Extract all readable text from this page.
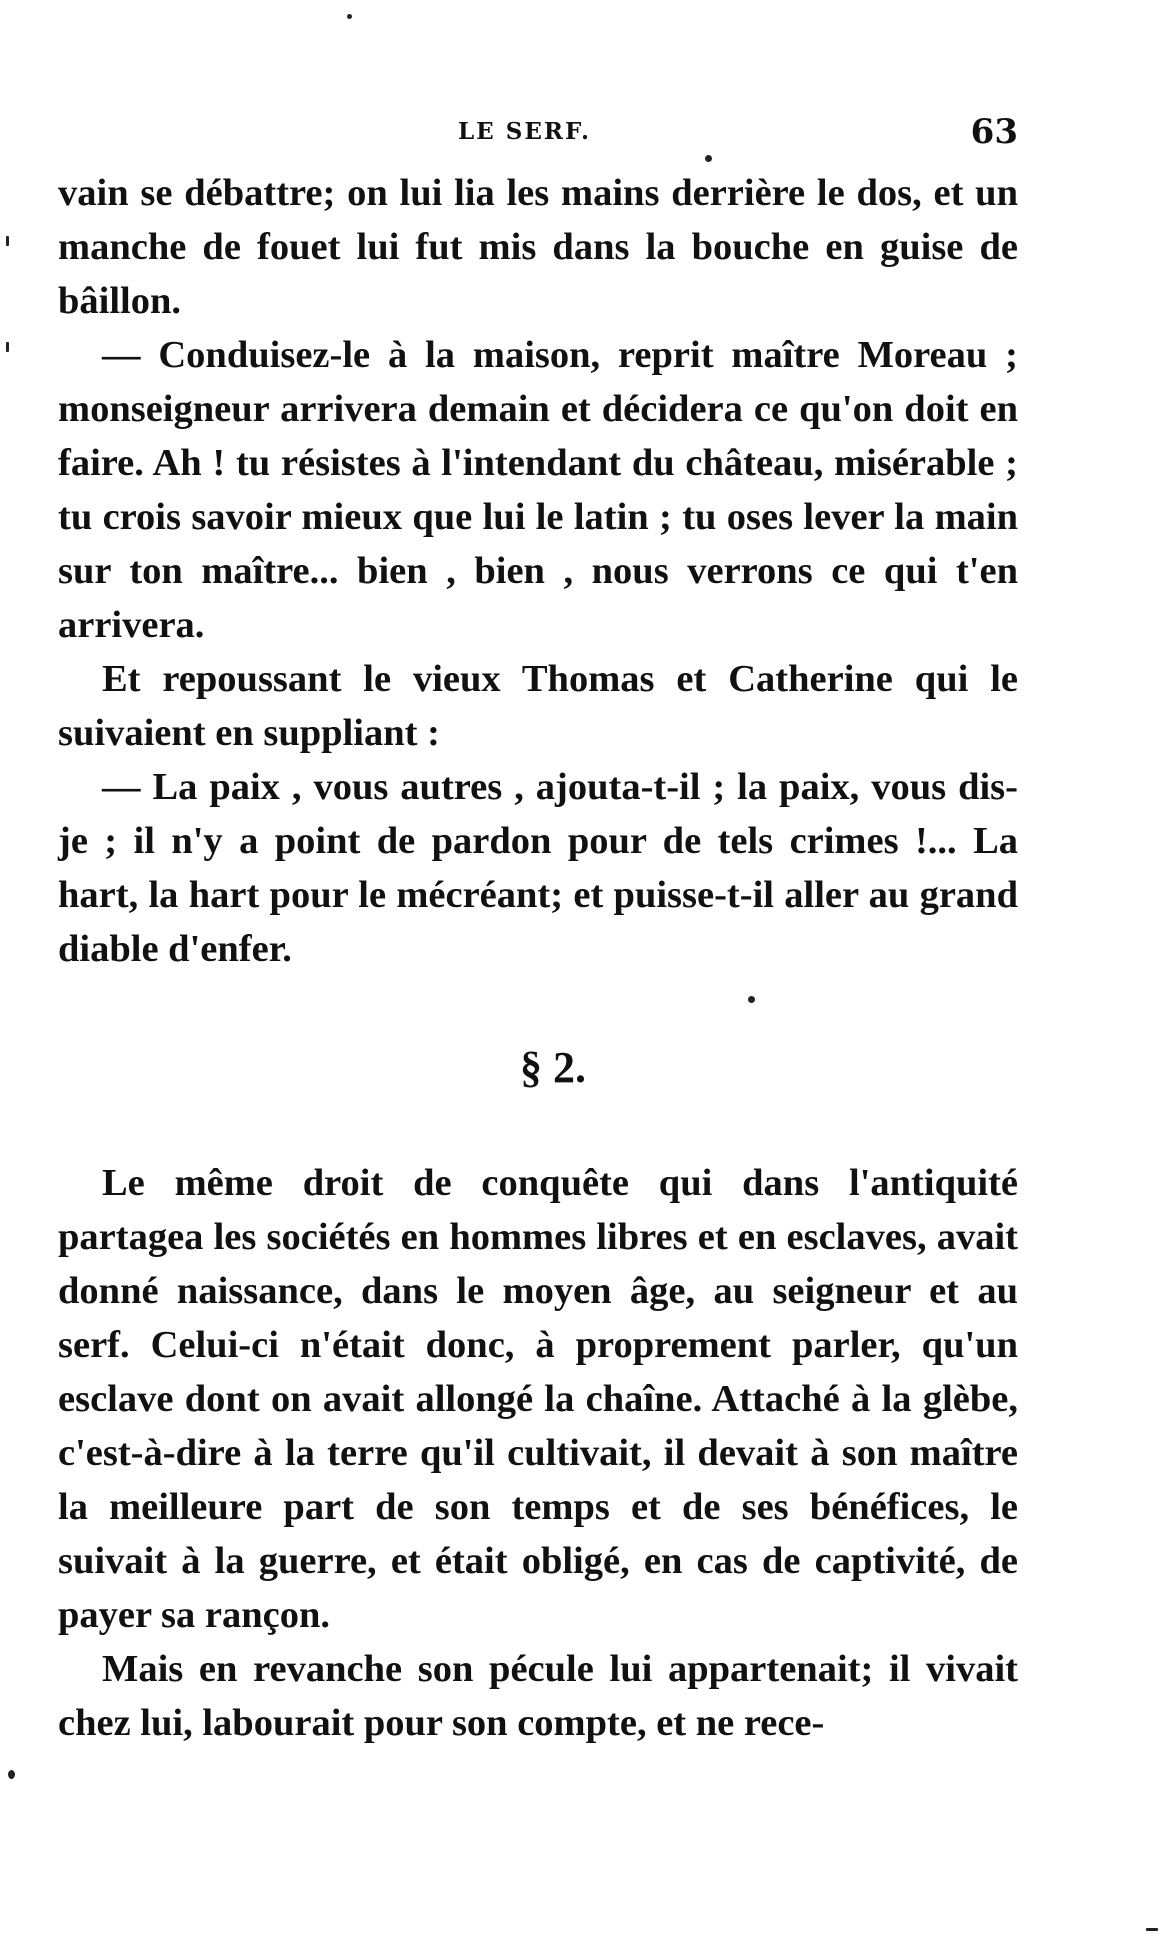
LE SERF.	63

vain se débattre; on lui lia les mains derrière le dos, et un manche de fouet lui fut mis dans la bouche en guise de bâillon.

— Conduisez-le à la maison, reprit maître Moreau ; monseigneur arrivera demain et décidera ce qu'on doit en faire. Ah ! tu résistes à l'intendant du château, misérable ; tu crois savoir mieux que lui le latin ; tu oses lever la main sur ton maître... bien , bien , nous verrons ce qui t'en arrivera.

Et repoussant le vieux Thomas et Catherine qui le suivaient en suppliant :

— La paix , vous autres , ajouta-t-il ; la paix, vous dis-je ; il n'y a point de pardon pour de tels crimes !... La hart, la hart pour le mécréant; et puisse-t-il aller au grand diable d'enfer.

§ 2.

Le même droit de conquête qui dans l'antiquité partagea les sociétés en hommes libres et en esclaves, avait donné naissance, dans le moyen âge, au seigneur et au serf. Celui-ci n'était donc, à proprement parler, qu'un esclave dont on avait allongé la chaîne. Attaché à la glèbe, c'est-à-dire à la terre qu'il cultivait, il devait à son maître la meilleure part de son temps et de ses bénéfices, le suivait à la guerre, et était obligé, en cas de captivité, de payer sa rançon.

Mais en revanche son pécule lui appartenait; il vivait chez lui, labourait pour son compte, et ne rece-
